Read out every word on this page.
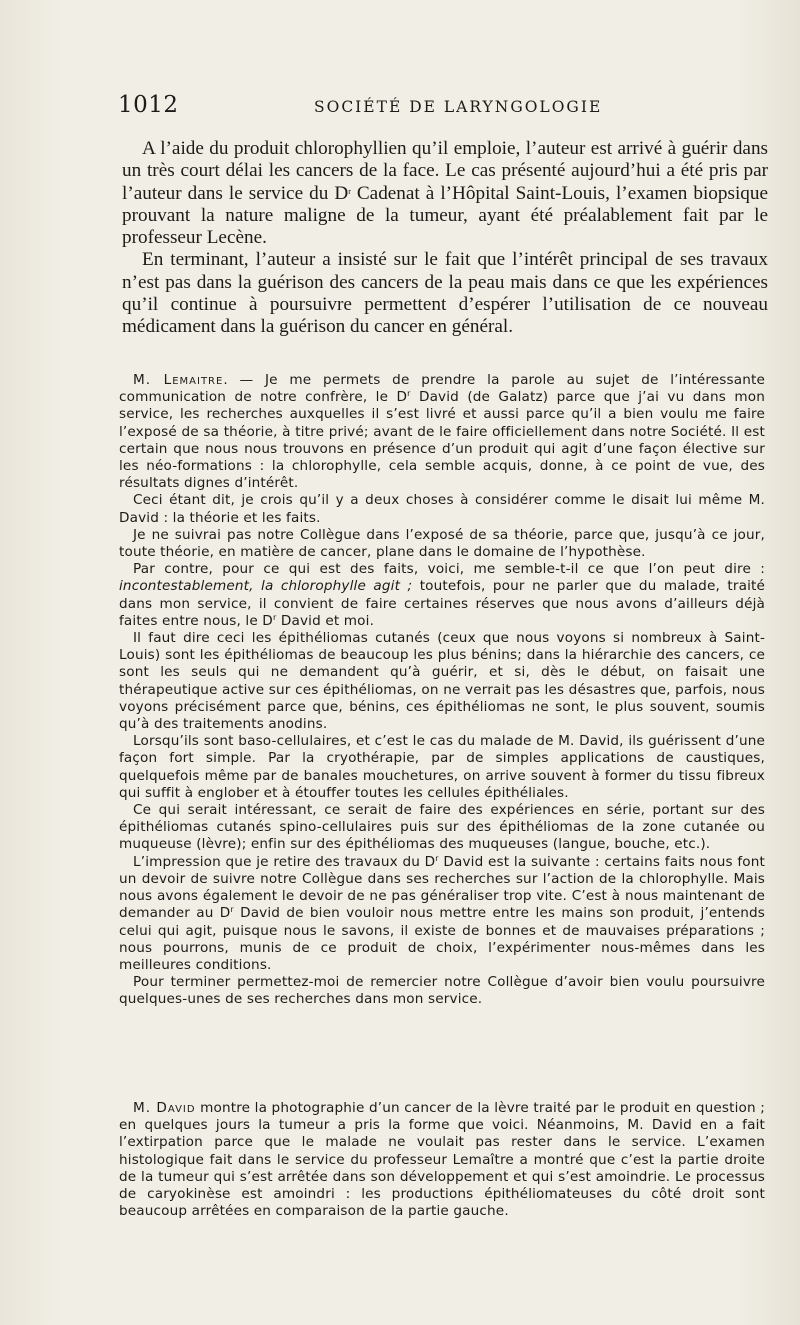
1012	SOCIÉTÉ DE LARYNGOLOGIE

A l’aide du produit chlorophyllien qu’il emploie, l’auteur est arrivé à guérir dans un très court délai les cancers de la face. Le cas présenté aujourd’hui a été pris par l’auteur dans le service du $D^r$ Cadenat à l’Hôpital Saint-Louis, l’examen biopsique prouvant la nature maligne de la tumeur, ayant été préalablement fait par le professeur Lecène.

En terminant, l’auteur a insisté sur le fait que l’intérêt principal de ses travaux n’est pas dans la guérison des cancers de la peau mais dans ce que les expériences qu’il continue à poursuivre permettent d’espérer l’utilisation de ce nouveau médicament dans la guérison du cancer en général.

M. Lemaitre. — Je me permets de prendre la parole au sujet de l’intéressante communication de notre confrère, le $D^r$ David (de Galatz) parce que j’ai vu dans mon service, les recherches auxquelles il s’est livré et aussi parce qu’il a bien voulu me faire l’exposé de sa théorie, à titre privé; avant de le faire officiellement dans notre Société. Il est certain que nous nous trouvons en présence d’un produit qui agit d’une façon élective sur les néo-formations : la chlorophylle, cela semble acquis, donne, à ce point de vue, des résultats dignes d’intérêt.

Ceci étant dit, je crois qu’il y a deux choses à considérer comme le disait lui même M. David : la théorie et les faits.

Je ne suivrai pas notre Collègue dans l’exposé de sa théorie, parce que, jusqu’à ce jour, toute théorie, en matière de cancer, plane dans le domaine de l’hypothèse.

Par contre, pour ce qui est des faits, voici, me semble-t-il ce que l’on peut dire : incontestablement, la chlorophylle agit ; toutefois, pour ne parler que du malade, traité dans mon service, il convient de faire certaines réserves que nous avons d’ailleurs déjà faites entre nous, le $D^r$ David et moi.

Il faut dire ceci les épithéliomas cutanés (ceux que nous voyons si nombreux à Saint-Louis) sont les épithéliomas de beaucoup les plus bénins; dans la hiérarchie des cancers, ce sont les seuls qui ne demandent qu’à guérir, et si, dès le début, on faisait une thérapeutique active sur ces épithéliomas, on ne verrait pas les désastres que, parfois, nous voyons précisément parce que, bénins, ces épithéliomas ne sont, le plus souvent, soumis qu’à des traitements anodins.

Lorsqu’ils sont baso-cellulaires, et c’est le cas du malade de M. David, ils guérissent d’une façon fort simple. Par la cryothérapie, par de simples applications de caustiques, quelquefois même par de banales mouchetures, on arrive souvent à former du tissu fibreux qui suffit à englober et à étouffer toutes les cellules épithéliales.

Ce qui serait intéressant, ce serait de faire des expériences en série, portant sur des épithéliomas cutanés spino-cellulaires puis sur des épithéliomas de la zone cutanée ou muqueuse (lèvre); enfin sur des épithéliomas des muqueuses (langue, bouche, etc.).

L’impression que je retire des travaux du $D^r$ David est la suivante : certains faits nous font un devoir de suivre notre Collègue dans ses recherches sur l’action de la chlorophylle. Mais nous avons également le devoir de ne pas généraliser trop vite. C’est à nous maintenant de demander au $D^r$ David de bien vouloir nous mettre entre les mains son produit, j’entends celui qui agit, puisque nous le savons, il existe de bonnes et de mauvaises préparations ; nous pourrons, munis de ce produit de choix, l’expérimenter nous-mêmes dans les meilleures conditions.

Pour terminer permettez-moi de remercier notre Collègue d’avoir bien voulu poursuivre quelques-unes de ses recherches dans mon service.

M. David montre la photographie d’un cancer de la lèvre traité par le produit en question ; en quelques jours la tumeur a pris la forme que voici. Néanmoins, M. David en a fait l’extirpation parce que le malade ne voulait pas rester dans le service. L’examen histologique fait dans le service du professeur Lemaître a montré que c’est la partie droite de la tumeur qui s’est arrêtée dans son développement et qui s’est amoindrie. Le processus de caryokinèse est amoindri : les productions épithéliomateuses du côté droit sont beaucoup arrêtées en comparaison de la partie gauche.
